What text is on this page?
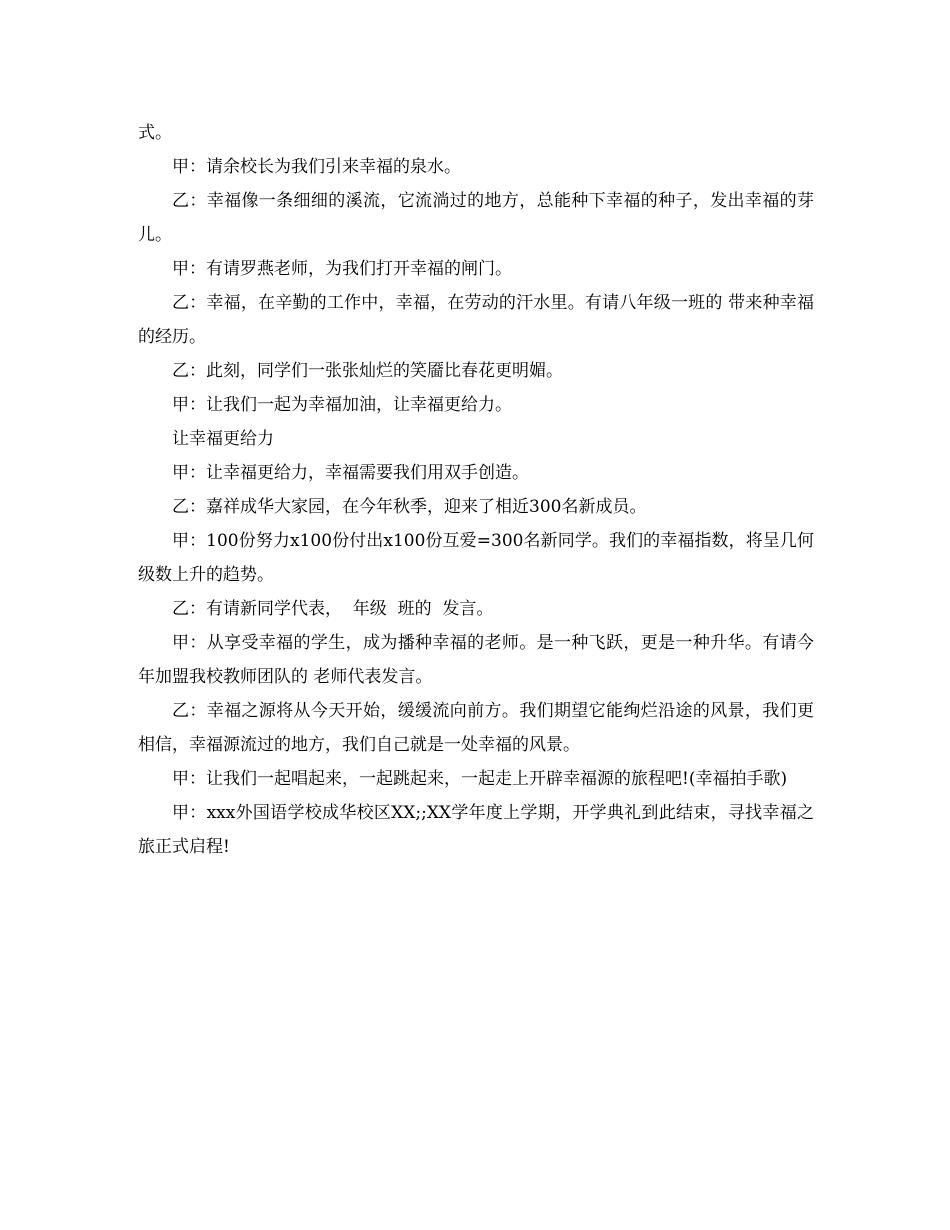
式。

甲：请余校长为我们引来幸福的泉水。

乙：幸福像一条细细的溪流，它流淌过的地方，总能种下幸福的种子，发出幸福的芽儿。

甲：有请罗燕老师，为我们打开幸福的闸门。

乙：幸福，在辛勤的工作中，幸福，在劳动的汗水里。有请八年级一班的 带来种幸福的经历。

乙：此刻，同学们一张张灿烂的笑靥比春花更明媚。

甲：让我们一起为幸福加油，让幸福更给力。

让幸福更给力

甲：让幸福更给力，幸福需要我们用双手创造。

乙：嘉祥成华大家园，在今年秋季，迎来了相近300名新成员。

甲：100份努力x100份付出x100份互爱=300名新同学。我们的幸福指数，将呈几何级数上升的趋势。

乙：有请新同学代表，  年级  班的  发言。

甲：从享受幸福的学生，成为播种幸福的老师。是一种飞跃，更是一种升华。有请今年加盟我校教师团队的 老师代表发言。

乙：幸福之源将从今天开始，缓缓流向前方。我们期望它能绚烂沿途的风景，我们更相信，幸福源流过的地方，我们自己就是一处幸福的风景。

甲：让我们一起唱起来，一起跳起来，一起走上开辟幸福源的旅程吧!(幸福拍手歌)

甲：xxx外国语学校成华校区XX;;XX学年度上学期，开学典礼到此结束，寻找幸福之旅正式启程!
